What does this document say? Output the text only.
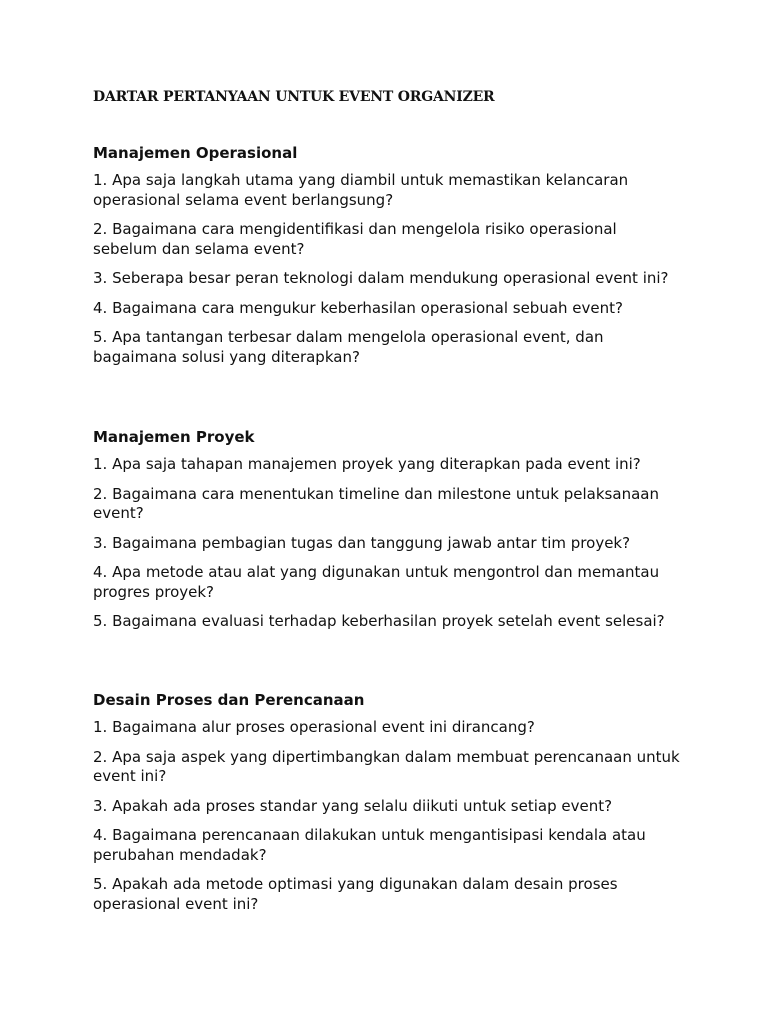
DARTAR PERTANYAAN UNTUK EVENT ORGANIZER
Manajemen Operasional
1. Apa saja langkah utama yang diambil untuk memastikan kelancaran operasional selama event berlangsung?
2. Bagaimana cara mengidentifikasi dan mengelola risiko operasional sebelum dan selama event?
3. Seberapa besar peran teknologi dalam mendukung operasional event ini?
4. Bagaimana cara mengukur keberhasilan operasional sebuah event?
5. Apa tantangan terbesar dalam mengelola operasional event, dan bagaimana solusi yang diterapkan?
Manajemen Proyek
1. Apa saja tahapan manajemen proyek yang diterapkan pada event ini?
2. Bagaimana cara menentukan timeline dan milestone untuk pelaksanaan event?
3. Bagaimana pembagian tugas dan tanggung jawab antar tim proyek?
4. Apa metode atau alat yang digunakan untuk mengontrol dan memantau progres proyek?
5. Bagaimana evaluasi terhadap keberhasilan proyek setelah event selesai?
Desain Proses dan Perencanaan
1. Bagaimana alur proses operasional event ini dirancang?
2. Apa saja aspek yang dipertimbangkan dalam membuat perencanaan untuk event ini?
3. Apakah ada proses standar yang selalu diikuti untuk setiap event?
4. Bagaimana perencanaan dilakukan untuk mengantisipasi kendala atau perubahan mendadak?
5. Apakah ada metode optimasi yang digunakan dalam desain proses operasional event ini?
